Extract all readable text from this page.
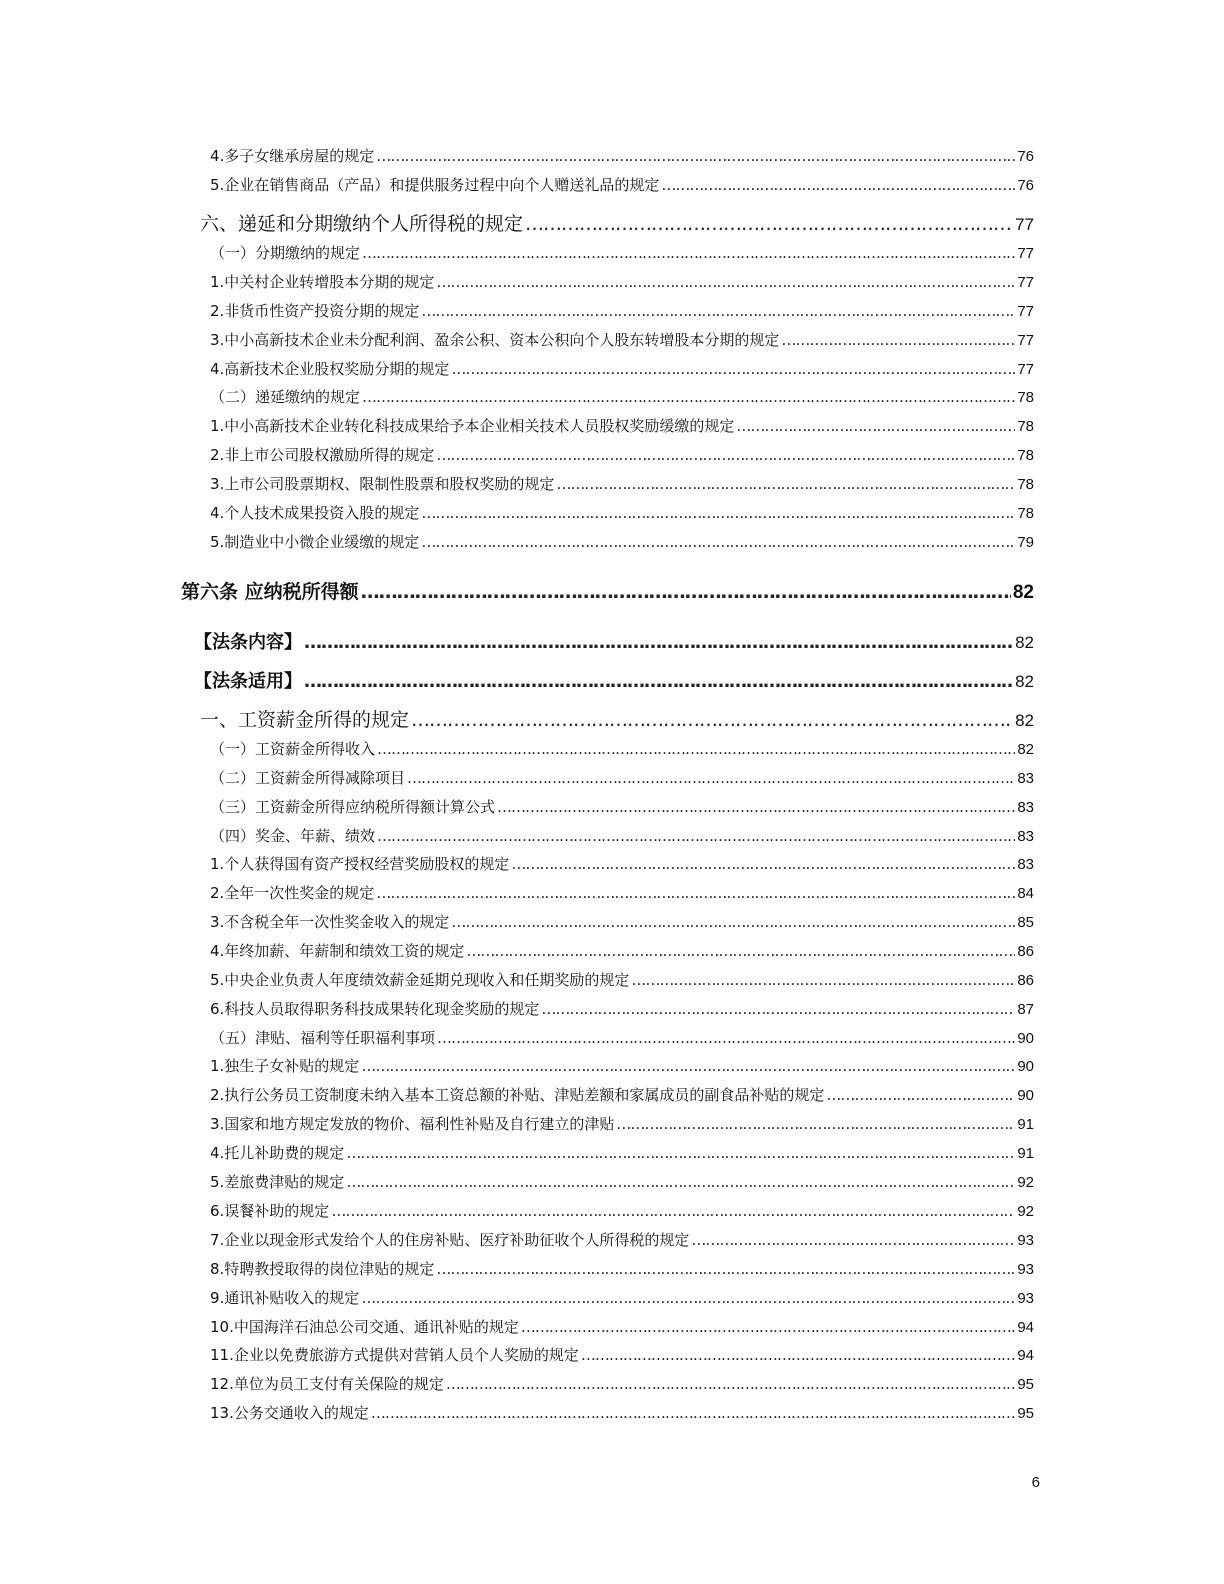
4.多子女继承房屋的规定 ……………………………………………………………………………………………………………………………………………………………………………………………………………………………………………………………………………………………………………………………………	76
5.企业在销售商品（产品）和提供服务过程中向个人赠送礼品的规定 ……………………………………………………………………………………………………………………………………………………………………………………………………………………………………………………………………………………………………………………………………	76
六、递延和分期缴纳个人所得税的规定 ……………………………………………………………………………………………………………………………………………………………………………………………………………………………………………………………………………………………………………………………………	77
（一）分期缴纳的规定 ……………………………………………………………………………………………………………………………………………………………………………………………………………………………………………………………………………………………………………………………………	77
1.中关村企业转增股本分期的规定 ……………………………………………………………………………………………………………………………………………………………………………………………………………………………………………………………………………………………………………………………………	77
2.非货币性资产投资分期的规定 ……………………………………………………………………………………………………………………………………………………………………………………………………………………………………………………………………………………………………………………………………	77
3.中小高新技术企业未分配利润、盈余公积、资本公积向个人股东转增股本分期的规定 ……………………………………………………………………………………………………………………………………………………………………………………………………………………………………………………………………………………………………………………………………	77
4.高新技术企业股权奖励分期的规定 ……………………………………………………………………………………………………………………………………………………………………………………………………………………………………………………………………………………………………………………………………	77
（二）递延缴纳的规定 ……………………………………………………………………………………………………………………………………………………………………………………………………………………………………………………………………………………………………………………………………	78
1.中小高新技术企业转化科技成果给予本企业相关技术人员股权奖励缓缴的规定 ……………………………………………………………………………………………………………………………………………………………………………………………………………………………………………………………………………………………………………………………………	78
2.非上市公司股权激励所得的规定 ……………………………………………………………………………………………………………………………………………………………………………………………………………………………………………………………………………………………………………………………………	78
3.上市公司股票期权、限制性股票和股权奖励的规定 ……………………………………………………………………………………………………………………………………………………………………………………………………………………………………………………………………………………………………………………………………	78
4.个人技术成果投资入股的规定 ……………………………………………………………………………………………………………………………………………………………………………………………………………………………………………………………………………………………………………………………………	78
5.制造业中小微企业缓缴的规定 ……………………………………………………………………………………………………………………………………………………………………………………………………………………………………………………………………………………………………………………………………	79
第六条 应纳税所得额 ……………………………………………………………………………………………………………………………………………………………………………………………………………………………………………………………………………………………………………………………………	82
【法条内容】 ……………………………………………………………………………………………………………………………………………………………………………………………………………………………………………………………………………………………………………………………………	82
【法条适用】 ……………………………………………………………………………………………………………………………………………………………………………………………………………………………………………………………………………………………………………………………………	82
一、工资薪金所得的规定 ……………………………………………………………………………………………………………………………………………………………………………………………………………………………………………………………………………………………………………………………………	82
（一）工资薪金所得收入 ……………………………………………………………………………………………………………………………………………………………………………………………………………………………………………………………………………………………………………………………………	82
（二）工资薪金所得减除项目 ……………………………………………………………………………………………………………………………………………………………………………………………………………………………………………………………………………………………………………………………………	83
（三）工资薪金所得应纳税所得额计算公式 ……………………………………………………………………………………………………………………………………………………………………………………………………………………………………………………………………………………………………………………………………	83
（四）奖金、年薪、绩效 ……………………………………………………………………………………………………………………………………………………………………………………………………………………………………………………………………………………………………………………………………	83
1.个人获得国有资产授权经营奖励股权的规定 ……………………………………………………………………………………………………………………………………………………………………………………………………………………………………………………………………………………………………………………………………	83
2.全年一次性奖金的规定 ……………………………………………………………………………………………………………………………………………………………………………………………………………………………………………………………………………………………………………………………………	84
3.不含税全年一次性奖金收入的规定 ……………………………………………………………………………………………………………………………………………………………………………………………………………………………………………………………………………………………………………………………………	85
4.年终加薪、年薪制和绩效工资的规定 ……………………………………………………………………………………………………………………………………………………………………………………………………………………………………………………………………………………………………………………………………	86
5.中央企业负责人年度绩效薪金延期兑现收入和任期奖励的规定 ……………………………………………………………………………………………………………………………………………………………………………………………………………………………………………………………………………………………………………………………………	86
6.科技人员取得职务科技成果转化现金奖励的规定 ……………………………………………………………………………………………………………………………………………………………………………………………………………………………………………………………………………………………………………………………………	87
（五）津贴、福利等任职福利事项 ……………………………………………………………………………………………………………………………………………………………………………………………………………………………………………………………………………………………………………………………………	90
1.独生子女补贴的规定 ……………………………………………………………………………………………………………………………………………………………………………………………………………………………………………………………………………………………………………………………………	90
2.执行公务员工资制度未纳入基本工资总额的补贴、津贴差额和家属成员的副食品补贴的规定 ……………………………………………………………………………………………………………………………………………………………………………………………………………………………………………………………………………………………………………………………………	90
3.国家和地方规定发放的物价、福利性补贴及自行建立的津贴 ……………………………………………………………………………………………………………………………………………………………………………………………………………………………………………………………………………………………………………………………………	91
4.托儿补助费的规定 ……………………………………………………………………………………………………………………………………………………………………………………………………………………………………………………………………………………………………………………………………	91
5.差旅费津贴的规定 ……………………………………………………………………………………………………………………………………………………………………………………………………………………………………………………………………………………………………………………………………	92
6.误餐补助的规定 ……………………………………………………………………………………………………………………………………………………………………………………………………………………………………………………………………………………………………………………………………	92
7.企业以现金形式发给个人的住房补贴、医疗补助征收个人所得税的规定 ……………………………………………………………………………………………………………………………………………………………………………………………………………………………………………………………………………………………………………………………………	93
8.特聘教授取得的岗位津贴的规定 ……………………………………………………………………………………………………………………………………………………………………………………………………………………………………………………………………………………………………………………………………	93
9.通讯补贴收入的规定 ……………………………………………………………………………………………………………………………………………………………………………………………………………………………………………………………………………………………………………………………………	93
10.中国海洋石油总公司交通、通讯补贴的规定 ……………………………………………………………………………………………………………………………………………………………………………………………………………………………………………………………………………………………………………………………………	94
11.企业以免费旅游方式提供对营销人员个人奖励的规定 ……………………………………………………………………………………………………………………………………………………………………………………………………………………………………………………………………………………………………………………………………	94
12.单位为员工支付有关保险的规定 ……………………………………………………………………………………………………………………………………………………………………………………………………………………………………………………………………………………………………………………………………	95
13.公务交通收入的规定 ……………………………………………………………………………………………………………………………………………………………………………………………………………………………………………………………………………………………………………………………………	95
6
